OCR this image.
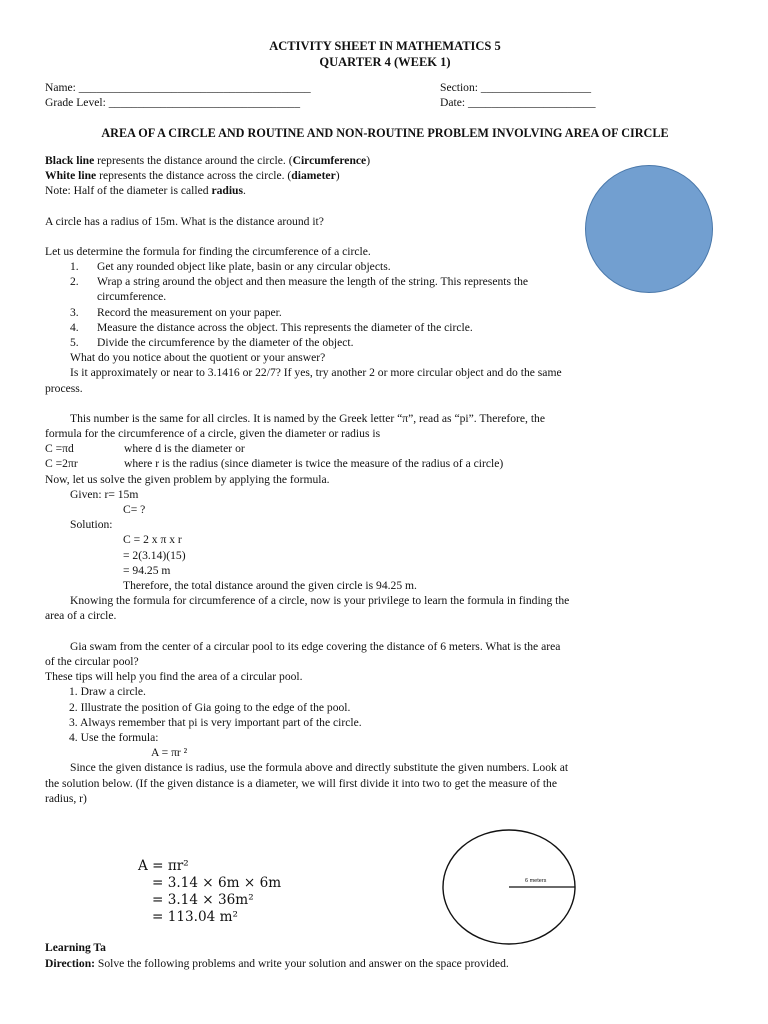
ACTIVITY SHEET IN MATHEMATICS 5
QUARTER 4 (WEEK 1)
Name: ________________________________________	Section: ___________________
Grade Level: _________________________________	Date: ______________________
AREA OF A CIRCLE AND ROUTINE AND NON-ROUTINE PROBLEM INVOLVING AREA OF CIRCLE

Black line represents the distance around the circle. (Circumference)

White line represents the distance across the circle. (diameter)

Note: Half of the diameter is called radius.

A circle has a radius of 15m. What is the distance around it?

Let us determine the formula for finding the circumference of a circle.

1. Get any rounded object like plate, basin or any circular objects.
2. Wrap a string around the object and then measure the length of the string. This represents the
circumference.
3. Record the measurement on your paper.
4. Measure the distance across the object. This represents the diameter of the circle.
5. Divide the circumference by the diameter of the object.

What do you notice about the quotient or your answer?

Is it approximately or near to 3.1416 or 22/7? If yes, try another 2 or more circular object and do the same

process.

This number is the same for all circles. It is named by the Greek letter “π”, read as “pi”. Therefore, the

formula for the circumference of a circle, given the diameter or radius is

C =πd	where d is the diameter or

C =2πr	where r is the radius (since diameter is twice the measure of the radius of a circle)

Now, let us solve the given problem by applying the formula.

Given: r= 15m

C= ?

Solution:

C = 2 x π x r

= 2(3.14)(15)

= 94.25 m

Therefore, the total distance around the given circle is 94.25 m.

Knowing the formula for circumference of a circle, now is your privilege to learn the formula in finding the

area of a circle.

Gia swam from the center of a circular pool to its edge covering the distance of 6 meters. What is the area

of the circular pool?

These tips will help you find the area of a circular pool.

1. Draw a circle.

2. Illustrate the position of Gia going to the edge of the pool.

3. Always remember that pi is very important part of the circle.

4. Use the formula:

A = πr ²

Since the given distance is radius, use the formula above and directly substitute the given numbers. Look at

the solution below. (If the given distance is a diameter, we will first divide it into two to get the measure of the

radius, r)

A = πr²
= 3.14 × 6m × 6m
= 3.14 × 36m²
= 113.04 m²
6 meters
Learning Ta
Direction: Solve the following problems and write your solution and answer on the space provided.
